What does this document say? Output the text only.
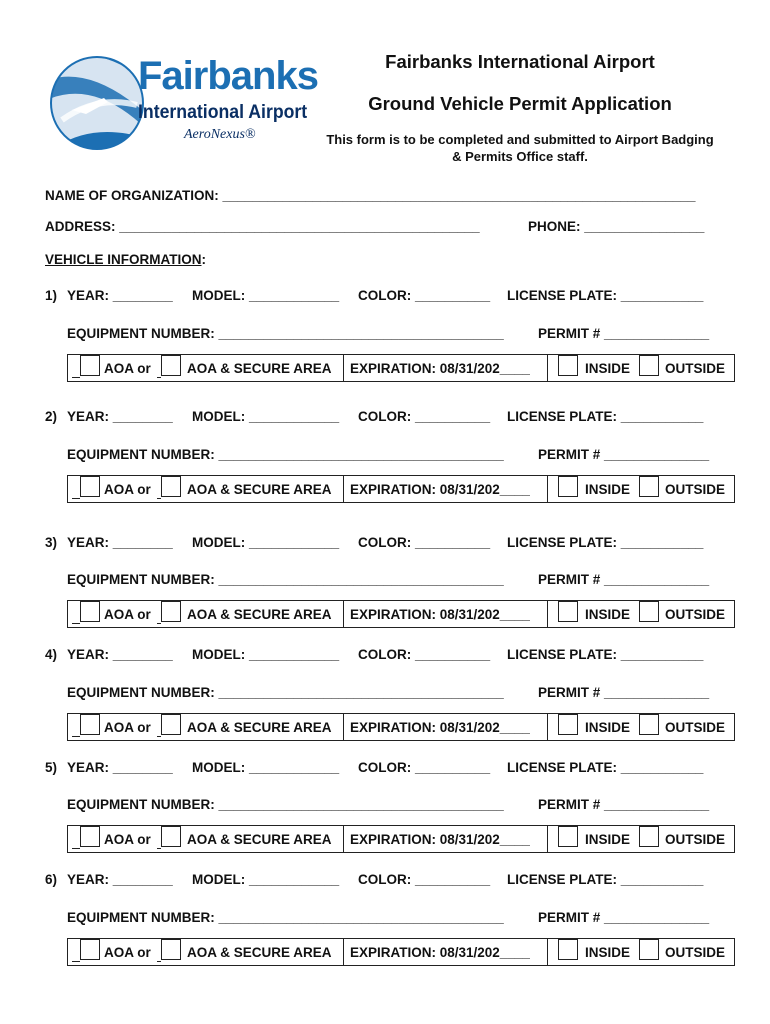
Fairbanks
International Airport
AeroNexus®
Fairbanks International Airport
Ground Vehicle Permit Application
This form is to be completed and submitted to Airport Badging
& Permits Office staff.
NAME OF ORGANIZATION: _______________________________________________________________
ADDRESS: ________________________________________________	PHONE: ________________
VEHICLE INFORMATION:
1) YEAR: ________ MODEL: ____________ COLOR: __________ LICENSE PLATE: ___________
EQUIPMENT NUMBER: ______________________________________	PERMIT # ______________
AOA or	AOA & SECURE AREA EXPIRATION: 08/31/202____	INSIDE	OUTSIDE
2) YEAR: ________ MODEL: ____________ COLOR: __________ LICENSE PLATE: ___________
EQUIPMENT NUMBER: ______________________________________	PERMIT # ______________
AOA or	AOA & SECURE AREA EXPIRATION: 08/31/202____	INSIDE	OUTSIDE
3) YEAR: ________ MODEL: ____________ COLOR: __________ LICENSE PLATE: ___________
EQUIPMENT NUMBER: ______________________________________	PERMIT # ______________
AOA or	AOA & SECURE AREA EXPIRATION: 08/31/202____	INSIDE	OUTSIDE
4) YEAR: ________ MODEL: ____________ COLOR: __________ LICENSE PLATE: ___________
EQUIPMENT NUMBER: ______________________________________	PERMIT # ______________
AOA or	AOA & SECURE AREA EXPIRATION: 08/31/202____	INSIDE	OUTSIDE
5) YEAR: ________ MODEL: ____________ COLOR: __________ LICENSE PLATE: ___________
EQUIPMENT NUMBER: ______________________________________	PERMIT # ______________
AOA or	AOA & SECURE AREA EXPIRATION: 08/31/202____	INSIDE	OUTSIDE
6) YEAR: ________ MODEL: ____________ COLOR: __________ LICENSE PLATE: ___________
EQUIPMENT NUMBER: ______________________________________	PERMIT # ______________
AOA or	AOA & SECURE AREA EXPIRATION: 08/31/202____	INSIDE	OUTSIDE
